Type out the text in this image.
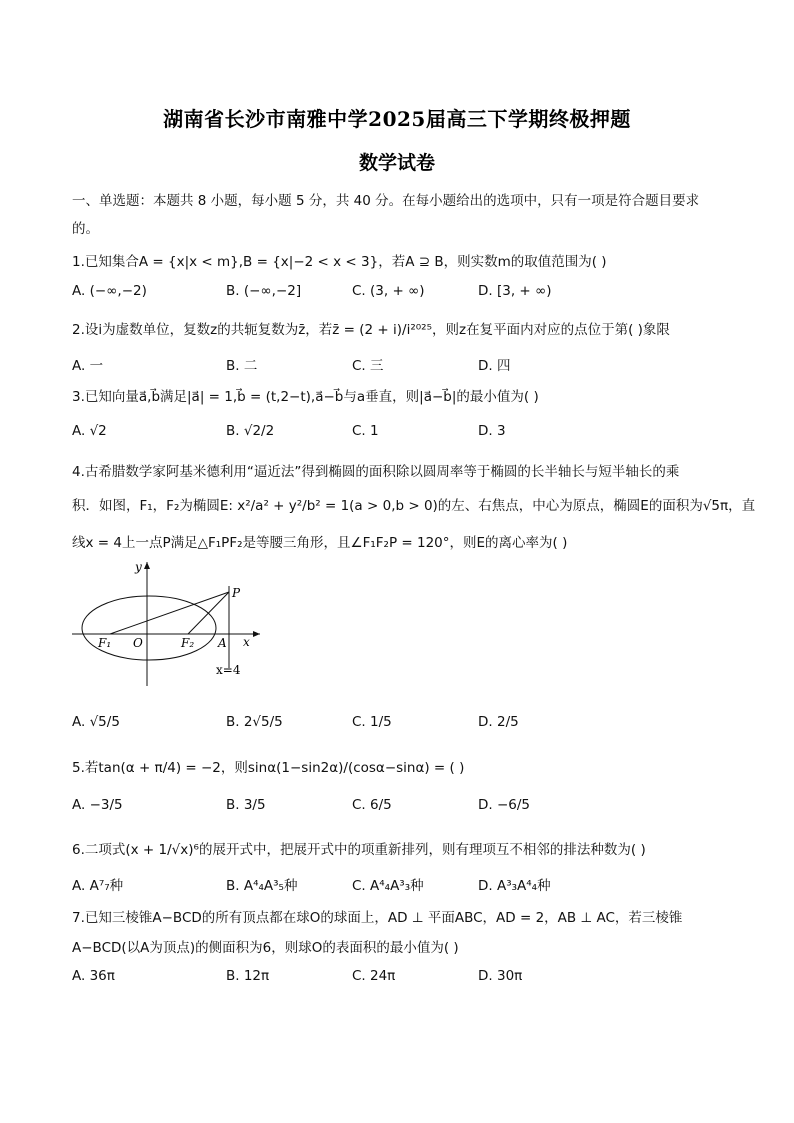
湖南省长沙市南雅中学2025届高三下学期终极押题
数学试卷
一、单选题：本题共 8 小题，每小题 5 分，共 40 分。在每小题给出的选项中，只有一项是符合题目要求
的。
1.已知集合A = {x|x < m},B = {x|−2 < x < 3}，若A ⊇ B，则实数m的取值范围为( )
A. (−∞,−2)	B. (−∞,−2]	C. (3, + ∞)	D. [3, + ∞)
2.设i为虚数单位，复数z的共轭复数为z̄，若z̄ = (2 + i)/i²⁰²⁵，则z在复平面内对应的点位于第( )象限
A. 一	B. 二	C. 三	D. 四
3.已知向量a⃗,b⃗满足|a⃗| = 1,b⃗ = (t,2−t),a⃗−b⃗与a垂直，则|a⃗−b⃗|的最小值为( )
A. √2	B. √2/2	C. 1	D. 3
4.古希腊数学家阿基米德利用“逼近法”得到椭圆的面积除以圆周率等于椭圆的长半轴长与短半轴长的乘
积．如图，F₁，F₂为椭圆E: x²/a² + y²/b² = 1(a > 0,b > 0)的左、右焦点，中心为原点，椭圆E的面积为√5π，直
线x = 4上一点P满足△F₁PF₂是等腰三角形，且∠F₁F₂P = 120°，则E的离心率为( )
y
x
P
F₁ O	F₂ A
x=4
A. √5/5	B. 2√5/5	C. 1/5	D. 2/5
5.若tan(α + π/4) = −2，则sinα(1−sin2α)/(cosα−sinα) = ( )
A. −3/5	B. 3/5	C. 6/5	D. −6/5
6.二项式(x + 1/√x)⁶的展开式中，把展开式中的项重新排列，则有理项互不相邻的排法种数为( )
A. A⁷₇种	B. A⁴₄A³₅种	C. A⁴₄A³₃种	D. A³₃A⁴₄种
7.已知三棱锥A−BCD的所有顶点都在球O的球面上，AD ⊥ 平面ABC，AD = 2，AB ⊥ AC，若三棱锥
A−BCD(以A为顶点)的侧面积为6，则球O的表面积的最小值为( )
A. 36π	B. 12π	C. 24π	D. 30π
